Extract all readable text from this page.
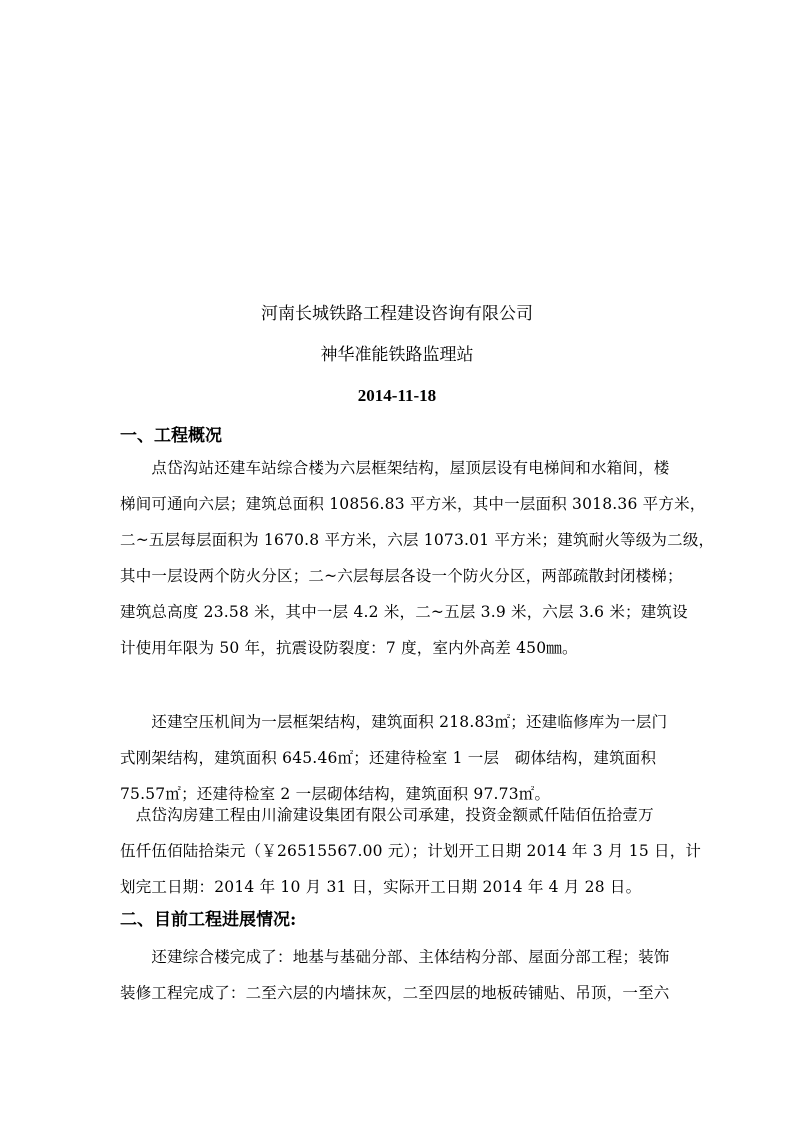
河南长城铁路工程建设咨询有限公司
神华准能铁路监理站
2014-11-18
一、工程概况
　　点岱沟站还建车站综合楼为六层框架结构，屋顶层设有电梯间和水箱间，楼
梯间可通向六层；建筑总面积 10856.83 平方米，其中一层面积 3018.36 平方米，
二~五层每层面积为 1670.8 平方米，六层 1073.01 平方米；建筑耐火等级为二级，
其中一层设两个防火分区；二~六层每层各设一个防火分区，两部疏散封闭楼梯；
建筑总高度 23.58 米，其中一层 4.2 米，二~五层 3.9 米，六层 3.6 米；建筑设
计使用年限为 50 年，抗震设防裂度：7 度，室内外高差 450㎜。
　　还建空压机间为一层框架结构，建筑面积 218.83㎡；还建临修库为一层门
式刚架结构，建筑面积 645.46㎡；还建待检室 1 一层　砌体结构，建筑面积
75.57㎡；还建待检室 2 一层砌体结构，建筑面积 97.73㎡。
　点岱沟房建工程由川渝建设集团有限公司承建，投资金额贰仟陆佰伍拾壹万
伍仟伍佰陆拾柒元（￥26515567.00 元）；计划开工日期 2014 年 3 月 15 日，计
划完工日期：2014 年 10 月 31 日，实际开工日期 2014 年 4 月 28 日。
二、目前工程进展情况:
　　还建综合楼完成了：地基与基础分部、主体结构分部、屋面分部工程；装饰
装修工程完成了：二至六层的内墙抹灰，二至四层的地板砖铺贴、吊顶，一至六
